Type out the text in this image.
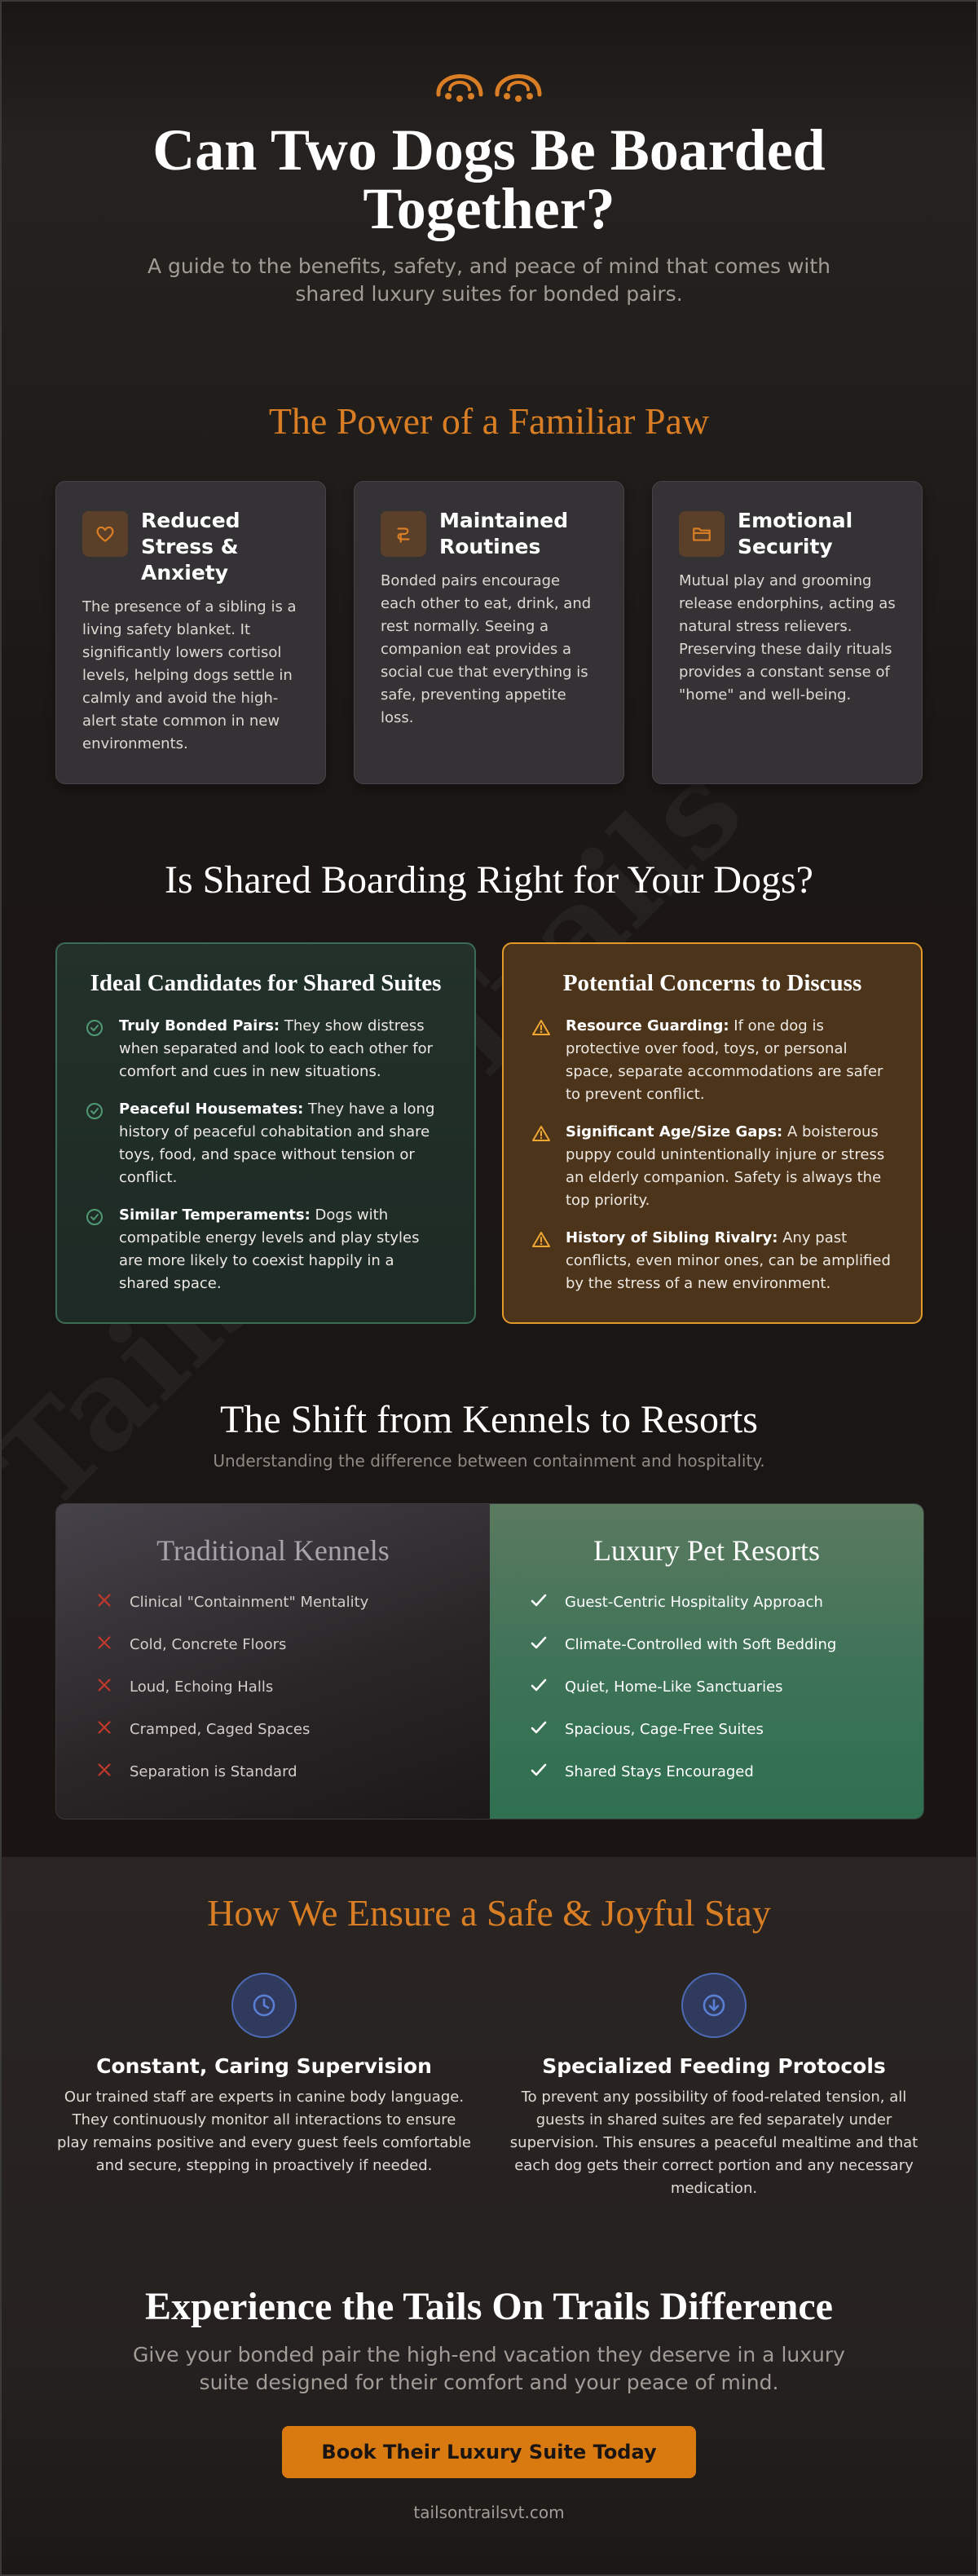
Can Two Dogs Be Boarded Together?

A guide to the benefits, safety, and peace of mind that comes with shared luxury suites for bonded pairs.

The Power of a Familiar Paw
Reduced Stress & Anxiety

The presence of a sibling is a living safety blanket. It significantly lowers cortisol levels, helping dogs settle in calmly and avoid the high-alert state common in new environments.

Maintained Routines

Bonded pairs encourage each other to eat, drink, and rest normally. Seeing a companion eat provides a social cue that everything is safe, preventing appetite loss.

Emotional Security

Mutual play and grooming release endorphins, acting as natural stress relievers. Preserving these daily rituals provides a constant sense of "home" and well-being.

Is Shared Boarding Right for Your Dogs?
Ideal Candidates for Shared Suites

Truly Bonded Pairs: They show distress when separated and look to each other for comfort and cues in new situations.

Peaceful Housemates: They have a long history of peaceful cohabitation and share toys, food, and space without tension or conflict.

Similar Temperaments: Dogs with compatible energy levels and play styles are more likely to coexist happily in a shared space.

Potential Concerns to Discuss

Resource Guarding: If one dog is protective over food, toys, or personal space, separate accommodations are safer to prevent conflict.

Significant Age/Size Gaps: A boisterous puppy could unintentionally injure or stress an elderly companion. Safety is always the top priority.

History of Sibling Rivalry: Any past conflicts, even minor ones, can be amplified by the stress of a new environment.

The Shift from Kennels to Resorts

Understanding the difference between containment and hospitality.

Traditional Kennels
Clinical "Containment" Mentality
Cold, Concrete Floors
Loud, Echoing Halls
Cramped, Caged Spaces
Separation is Standard
Luxury Pet Resorts
Guest-Centric Hospitality Approach
Climate-Controlled with Soft Bedding
Quiet, Home-Like Sanctuaries
Spacious, Cage-Free Suites
Shared Stays Encouraged
How We Ensure a Safe & Joyful Stay
Constant, Caring Supervision

Our trained staff are experts in canine body language. They continuously monitor all interactions to ensure play remains positive and every guest feels comfortable and secure, stepping in proactively if needed.

Specialized Feeding Protocols

To prevent any possibility of food-related tension, all guests in shared suites are fed separately under supervision. This ensures a peaceful mealtime and that each dog gets their correct portion and any necessary medication.

Experience the Tails On Trails Difference

Give your bonded pair the high-end vacation they deserve in a luxury suite designed for their comfort and your peace of mind.

Book Their Luxury Suite Today

tailsontrailsvt.com
